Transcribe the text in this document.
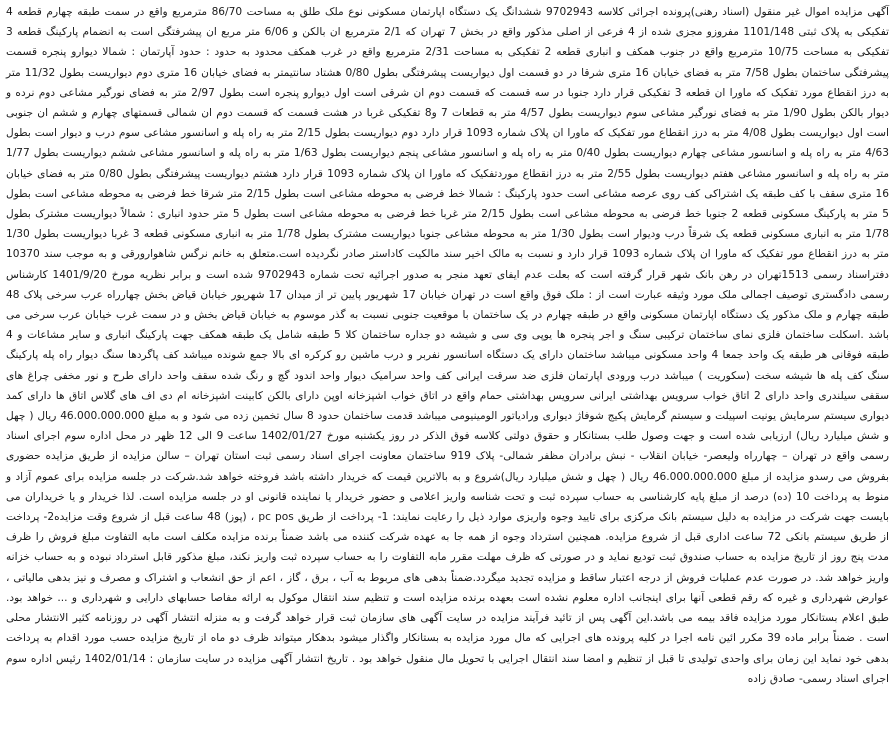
آگهی مزایده اموال غیر منقول (اسناد رهنی)پرونده اجرائی کلاسه 9702943 ششدانگ یک دستگاه اپارتمان مسکونی نوع ملک طلق به مساحت 86/70 مترمربع واقع در سمت طبقه چهارم قطعه 4 تفکیکی به پلاک ثبتی 1101/148 مفروزو مجزی شده از 4 فرعی از اصلی مذکور واقع در بخش 7 تهران که 2/1 مترمربع ان بالکن و 6/06 متر مربع ان پیشرفتگی است به انضمام پارکینگ قطعه 3 تفکیکی به مساحت 10/75 مترمربع واقع در جنوب همکف و انباری قطعه 2 تفکیکی به مساحت 2/31 مترمربع واقع در غرب همکف محدود به حدود : حدود آپارتمان : شمالا دیوارو پنجره قسمت پیشرفتگی ساختمان بطول 7/58 متر به فضای خیابان 16 متری شرقا در دو قسمت اول دیواریست پیشرفتگی بطول 0/80 هشتاد سانتیمتر به فضای خیابان 16 متری دوم دیواریست بطول 11/32 متر به درز انقطاع مورد تفکیک که ماورا ان قطعه 3 تفکیکی قرار دارد جنوبا در سه قسمت که قسمت دوم ان شرقی است اول دیوارو پنجره است بطول 2/97 متر به فضای نورگیر مشاعی دوم نرده و دیوار بالکن بطول 1/90 متر به فضای نورگیر مشاعی سوم دیواریست بطول 4/57 متر به قطعات 7 و8 تفکیکی غربا در هشت قسمت که قسمت دوم ان شمالی قسمتهای چهارم و ششم ان جنوبی است اول دیواریست بطول 4/08 متر به درز انقطاع مور تفکیک که ماورا ان پلاک شماره 1093 قرار دارد دوم دیواریست بطول 2/15 متر به راه پله و اسانسور مشاعی سوم درب و دیوار است بطول 4/63 متر به راه پله و اسانسور مشاعی چهارم دیواریست بطول 0/40 متر به راه پله و اسانسور مشاعی پنجم دیواریست بطول 1/63 متر به راه پله و اسانسور مشاعی ششم دیواریست بطول 1/77 متر به راه پله و اسانسور مشاعی هفتم دیواریست بطول 2/55 متر به درز انقطاع موردتفکیک که ماورا ان پلاک شماره 1093 قرار دارد هشتم دیواریست پیشرفتگی بطول 0/80 متر به فضای خیابان 16 متری سقف با کف طبقه یک اشتراکی کف روی عرصه مشاعی است حدود پارکینگ : شمالا خط فرضی به محوطه مشاعی است بطول 2/15 متر شرقا خط فرضی به محوطه مشاعی است بطول 5 متر به پارکینگ مسکونی قطعه 2 جنوبا خط فرضی به محوطه مشاعی است بطول 2/15 متر غربا خط فرضی به محوطه مشاعی است بطول 5 متر حدود انباری : شمالاً دیواریست مشترک بطول 1/78 متر به انباری مسکونی قطعه یک شرقاً درب ودیوار است بطول 1/30 متر به محوطه مشاعی جنوبا دیواریست مشترک بطول 1/78 متر به انباری مسکونی قطعه 3 غربا دیواریست بطول 1/30 متر به درز انقطاع مور تفکیک که ماورا ان پلاک شماره 1093 قرار دارد و نسبت به مالک اخیر سند مالکیت کاداستر صادر نگردیده است.متعلق به خانم نرگس شاهوارورقی و به موجب سند 10370 دفتراسناد رسمی 1513تهران در رهن بانک شهر قرار گرفته است که بعلت عدم ایفای تعهد منجر به صدور اجرائیه تحت شماره 9702943 شده است و برابر نظریه مورخ 1401/9/20 کارشناس رسمی دادگستری توصیف اجمالی ملک مورد وثیقه عبارت است از : ملک فوق واقع است در تهران خیابان 17 شهریور پایین تر از میدان 17 شهریور خیابان قیاض بخش چهارراه عرب سرخی پلاک 48 طبقه چهارم و ملک مذکور یک دستگاه اپارتمان مسکونی واقع در طبقه چهارم در یک ساختمان با موقعیت جنوبی نسبت به گذر موسوم به خیابان قیاض بخش و در سمت غرب خیابان عرب سرخی می باشد .اسکلت ساختمان فلزی نمای ساختمان ترکیبی سنگ و اجر پنجره ها یوپی وی سی و شیشه دو جداره ساختمان کلا 5 طبقه شامل یک طبقه همکف جهت پارکینگ انباری و سایر مشاعات و 4 طبقه فوقانی هر طبقه یک واحد جمعا 4 واحد مسکونی میباشد ساختمان دارای یک دستگاه اسانسور نفربر و درب ماشین رو کرکره ای بالا جمع شونده میباشد کف پاگردها سنگ دیوار راه پله پارکینگ سنگ کف پله ها شیشه سخت (سکوریت ) میباشد درب ورودی اپارتمان فلزی ضد سرقت ایرانی کف واحد سرامیک دیوار واحد اندود گچ و رنگ شده سقف واحد دارای طرح و نور مخفی چراغ های سقفی سیلندری واحد دارای 2 اتاق خواب سرویس بهداشتی ایرانی سرویس بهداشتی حمام واقع در اتاق خواب اشپزخانه اوپن دارای بالکن کابینت اشپزخانه ام دی اف های گلاس اتاق ها دارای کمد دیواری سیستم سرمایش یونیت اسپیلت و سیستم گرمایش پکیج شوفاژ دیواری ورادیاتور الومینیومی میباشد قدمت ساختمان حدود 8 سال تخمین زده می شود و به مبلغ 46.000.000.000 ریال ( چهل و شش میلیارد ریال) ارزیابی شده است و جهت وصول طلب بستانکار و حقوق دولتی کلاسه فوق الذکر در روز یکشنبه مورخ 1402/01/27 ساعت 9 الی 12 ظهر در محل اداره سوم اجرای اسناد رسمی واقع در تهران – چهارراه ولیعصر- خیابان انقلاب - نبش برادران مظفر شمالی- پلاک 919 ساختمان معاونت اجرای اسناد رسمی ثبت استان تهران – سالن مزایده از طریق مزایده حضوری بفروش می رسدو مزایده از مبلغ 46.000.000.000 ریال ( چهل و شش میلیارد ریال)شروع و به بالاترین قیمت که خریدار داشته باشد فروخته خواهد شد.شرکت در جلسه مزایده برای عموم آزاد و منوط به پرداخت 10 (ده) درصد از مبلغ پایه کارشناسی به حساب سپرده ثبت و تحت شناسه واریز اعلامی و حضور خریدار یا نماینده قانونی او در جلسه مزایده است. لذا خریدار و یا خریداران می بایست جهت شرکت در مزایده به دلیل سیستم بانک مرکزی برای تایید وجوه واریزی موارد ذیل را رعایت نمایند: 1- پرداخت از طریق pc pos ، (پوز) 48 ساعت قبل از شروع وقت مزایده2- پرداخت از طریق سیستم بانکی 72 ساعت اداری قبل از شروع مزایده. همچنین استرداد وجوه از همه جا به عهده شرکت کننده می باشد ضمناً برنده مزایده مکلف است مابه التفاوت مبلغ فروش را ظرف مدت پنج روز از تاریخ مزایده به حساب صندوق ثبت تودیع نماید و در صورتی که ظرف مهلت مقرر مابه التفاوت را به حساب سپرده ثبت واریز نکند، مبلغ مذکور قابل استرداد نبوده و به حساب خزانه واریز خواهد شد. در صورت عدم عملیات فروش از درجه اعتبار ساقط و مزایده تجدید میگردد.ضمناً بدهی های مربوط به آب ، برق ، گاز ، اعم از حق انشعاب و اشتراک و مصرف و نیز بدهی مالیاتی ، عوارض شهرداری و غیره که رقم قطعی آنها برای اینجانب اداره معلوم نشده است بعهده برنده مزایده است و تنظیم سند انتقال موکول به ارائه مفاصا حسابهای دارایی و شهرداری و ... خواهد بود. طبق اعلام بستانکار مورد مزایده فاقد بیمه می باشد.این آگهی پس از تائید فرآیند مزایده در سایت آگهی های سازمان ثبت قرار خواهد گرفت و به منزله انتشار آگهی در روزنامه کثیر الانتشار محلی است . ضمناً برابر ماده 39 مکرر ائین نامه اجرا در کلیه پرونده های اجرایی که مال مورد مزایده به بستانکار واگذار میشود بدهکار میتواند ظرف دو ماه از تاریخ مزایده حسب مورد اقدام به پرداخت بدهی خود نماید این زمان برای واحدی تولیدی تا قبل از تنظیم و امضا سند انتقال اجرایی با تحویل مال منقول خواهد بود . تاریخ انتشار آگهی مزایده در سایت سازمان : 1402/01/14 رئیس اداره سوم اجرای اسناد رسمی- صادق زاده
